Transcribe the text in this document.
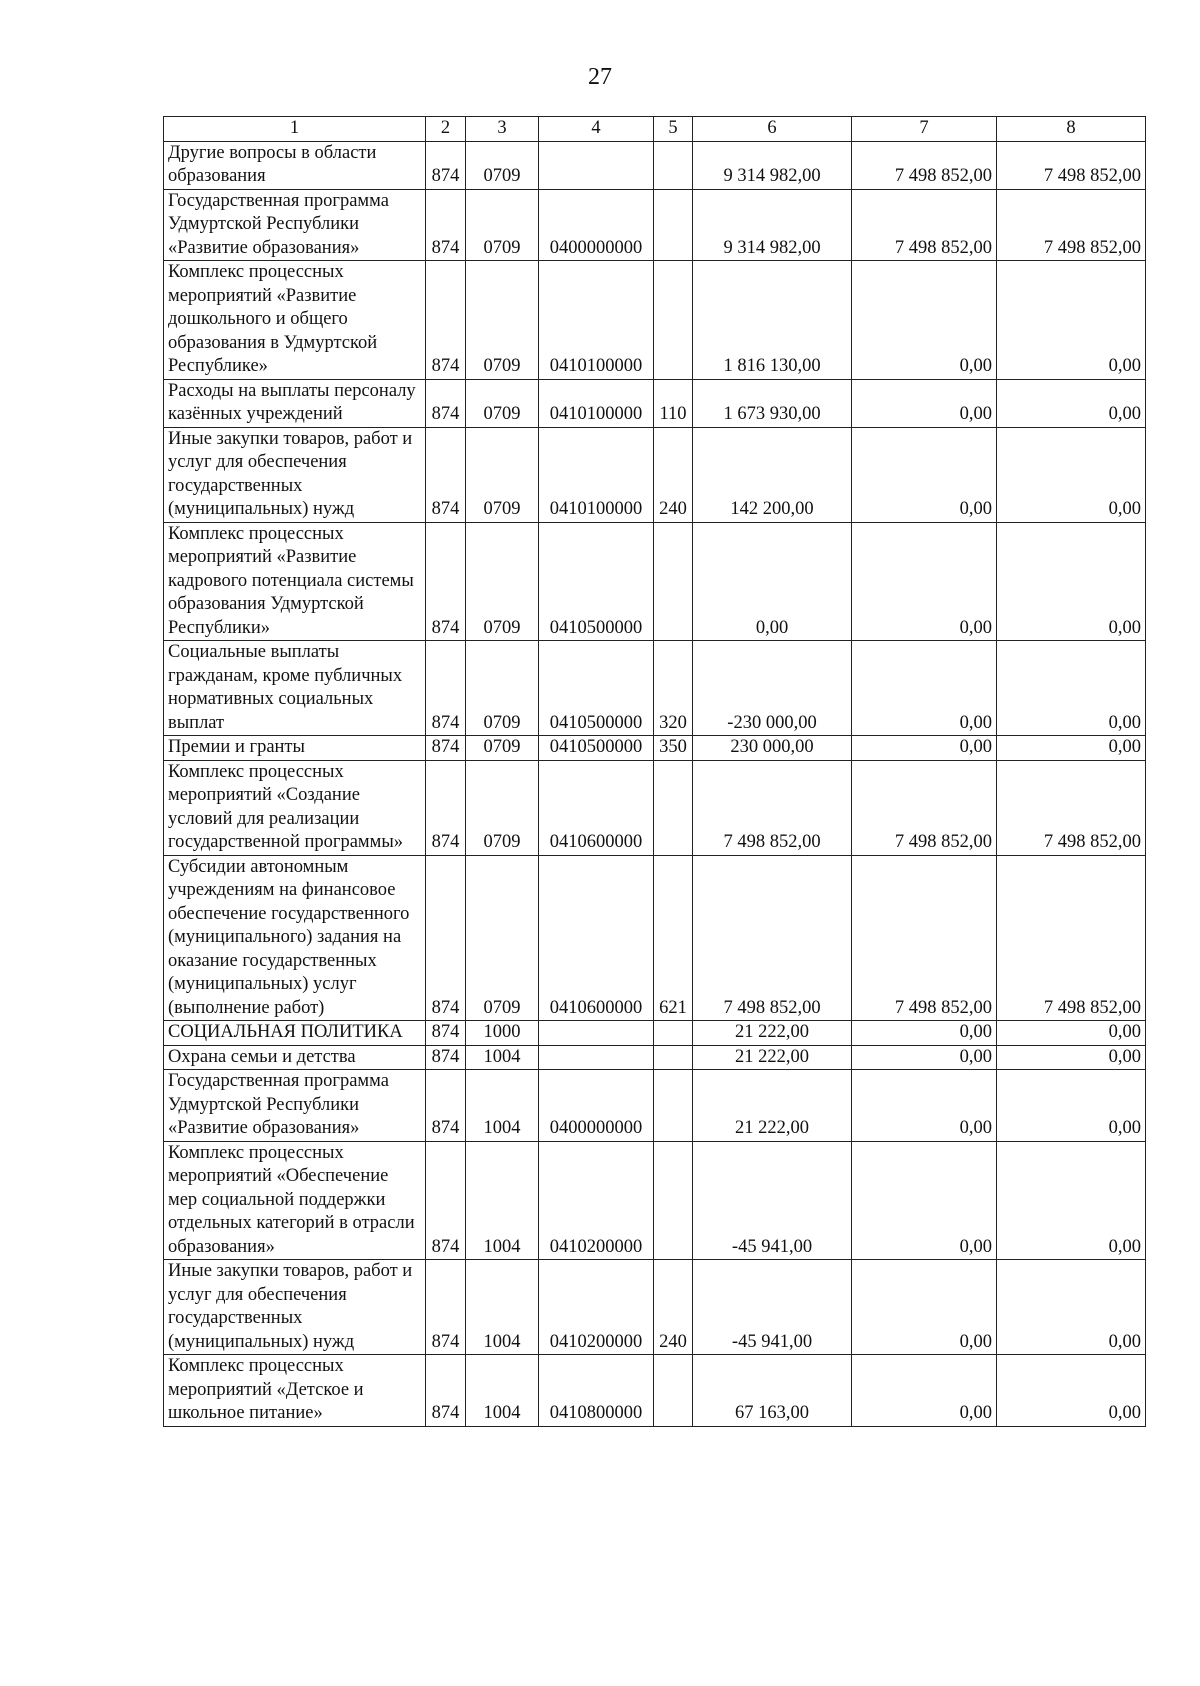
27
1	2	3	4	5	6	7	8
Другие вопросы в области образования	874	0709			9 314 982,00	7 498 852,00	7 498 852,00
Государственная программа Удмуртской Республики «Развитие образования»	874	0709	0400000000		9 314 982,00	7 498 852,00	7 498 852,00
Комплекс процессных мероприятий «Развитие дошкольного и общего образования в Удмуртской Республике»	874	0709	0410100000		1 816 130,00	0,00	0,00
Расходы на выплаты персоналу казённых учреждений	874	0709	0410100000	110	1 673 930,00	0,00	0,00
Иные закупки товаров, работ и услуг для обеспечения государственных (муниципальных) нужд	874	0709	0410100000	240	142 200,00	0,00	0,00
Комплекс процессных мероприятий «Развитие кадрового потенциала системы образования Удмуртской Республики»	874	0709	0410500000		0,00	0,00	0,00
Социальные выплаты гражданам, кроме публичных нормативных социальных выплат	874	0709	0410500000	320	-230 000,00	0,00	0,00
Премии и гранты	874	0709	0410500000	350	230 000,00	0,00	0,00
Комплекс процессных мероприятий «Создание условий для реализации государственной программы»	874	0709	0410600000		7 498 852,00	7 498 852,00	7 498 852,00
Субсидии автономным учреждениям на финансовое обеспечение государственного (муниципального) задания на оказание государственных (муниципальных) услуг (выполнение работ)	874	0709	0410600000	621	7 498 852,00	7 498 852,00	7 498 852,00
СОЦИАЛЬНАЯ ПОЛИТИКА	874	1000			21 222,00	0,00	0,00
Охрана семьи и детства	874	1004			21 222,00	0,00	0,00
Государственная программа Удмуртской Республики «Развитие образования»	874	1004	0400000000		21 222,00	0,00	0,00
Комплекс процессных мероприятий «Обеспечение мер социальной поддержки отдельных категорий в отрасли образования»	874	1004	0410200000		-45 941,00	0,00	0,00
Иные закупки товаров, работ и услуг для обеспечения государственных (муниципальных) нужд	874	1004	0410200000	240	-45 941,00	0,00	0,00
Комплекс процессных мероприятий «Детское и школьное питание»	874	1004	0410800000		67 163,00	0,00	0,00
